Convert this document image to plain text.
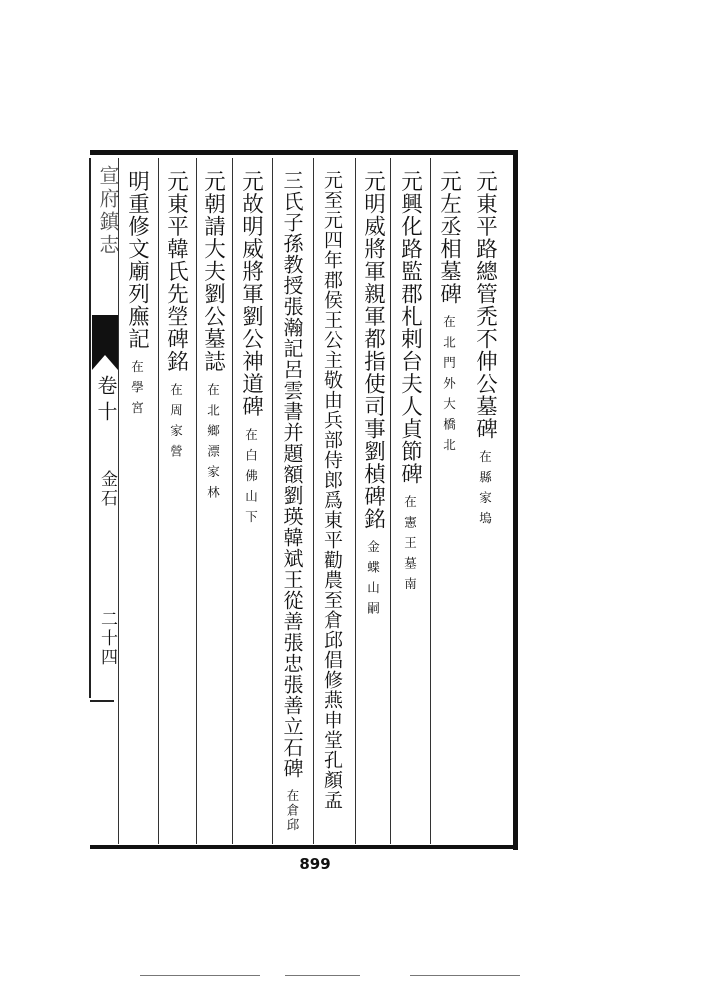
元東平路總管禿不伸公墓碑在縣家塢
元左丞相墓碑在北門外大橋北
元興化路監郡札剌台夫人貞節碑在憲王墓南
元明威將軍親軍都指使司事劉楨碑銘金蝶山嗣
元至元四年郡侯王公主敬由兵部侍郎爲東平勸農至倉邱倡修燕申堂孔顏孟
三氏子孫教授張瀚記呂雲書并題額劉瑛韓斌王從善張忠張善立石碑在倉邱
元故明威將軍劉公神道碑在白佛山下
元朝請大夫劉公墓誌在北鄉漂家林
元東平韓氏先塋碑銘在周家營
明重修文廟列廡記在學宮
宣府鎮志
卷十
金石
二十四
899
